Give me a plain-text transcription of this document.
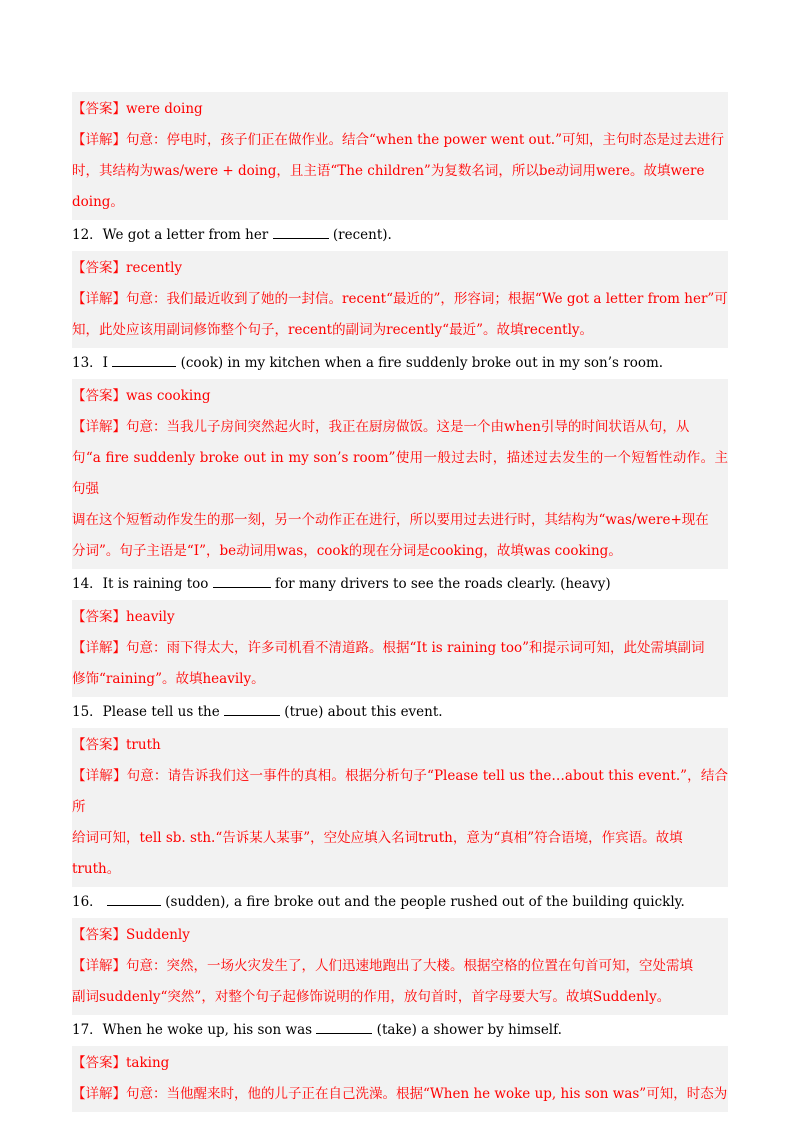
【答案】were doing

【详解】句意：停电时，孩子们正在做作业。结合“when the power went out.”可知，主句时态是过去进行

时，其结构为was/were + doing，且主语“The children”为复数名词，所以be动词用were。故填were

doing。

12．We got a letter from her	(recent).

【答案】recently

【详解】句意：我们最近收到了她的一封信。recent“最近的”，形容词；根据“We got a letter from her”可

知，此处应该用副词修饰整个句子，recent的副词为recently“最近”。故填recently。

13．I	(cook) in my kitchen when a fire suddenly broke out in my son’s room.

【答案】was cooking

【详解】句意：当我儿子房间突然起火时，我正在厨房做饭。这是一个由when引导的时间状语从句，从

句“a fire suddenly broke out in my son’s room”使用一般过去时，描述过去发生的一个短暂性动作。主句强

调在这个短暂动作发生的那一刻，另一个动作正在进行，所以要用过去进行时，其结构为“was/were+现在

分词”。句子主语是“I”，be动词用was，cook的现在分词是cooking，故填was cooking。

14．It is raining too	for many drivers to see the roads clearly. (heavy)

【答案】heavily

【详解】句意：雨下得太大，许多司机看不清道路。根据“It is raining too”和提示词可知，此处需填副词

修饰“raining”。故填heavily。

15．Please tell us the	(true) about this event.

【答案】truth

【详解】句意：请告诉我们这一事件的真相。根据分析句子“Please tell us the…about this event.”，结合所

给词可知，tell sb. sth.“告诉某人某事”，空处应填入名词truth，意为“真相”符合语境，作宾语。故填

truth。

16．	(sudden), a fire broke out and the people rushed out of the building quickly.

【答案】Suddenly

【详解】句意：突然，一场火灾发生了，人们迅速地跑出了大楼。根据空格的位置在句首可知，空处需填

副词suddenly“突然”，对整个句子起修饰说明的作用，放句首时，首字母要大写。故填Suddenly。

17．When he woke up, his son was	(take) a shower by himself.

【答案】taking

【详解】句意：当他醒来时，他的儿子正在自己洗澡。根据“When he woke up, his son was”可知，时态为
